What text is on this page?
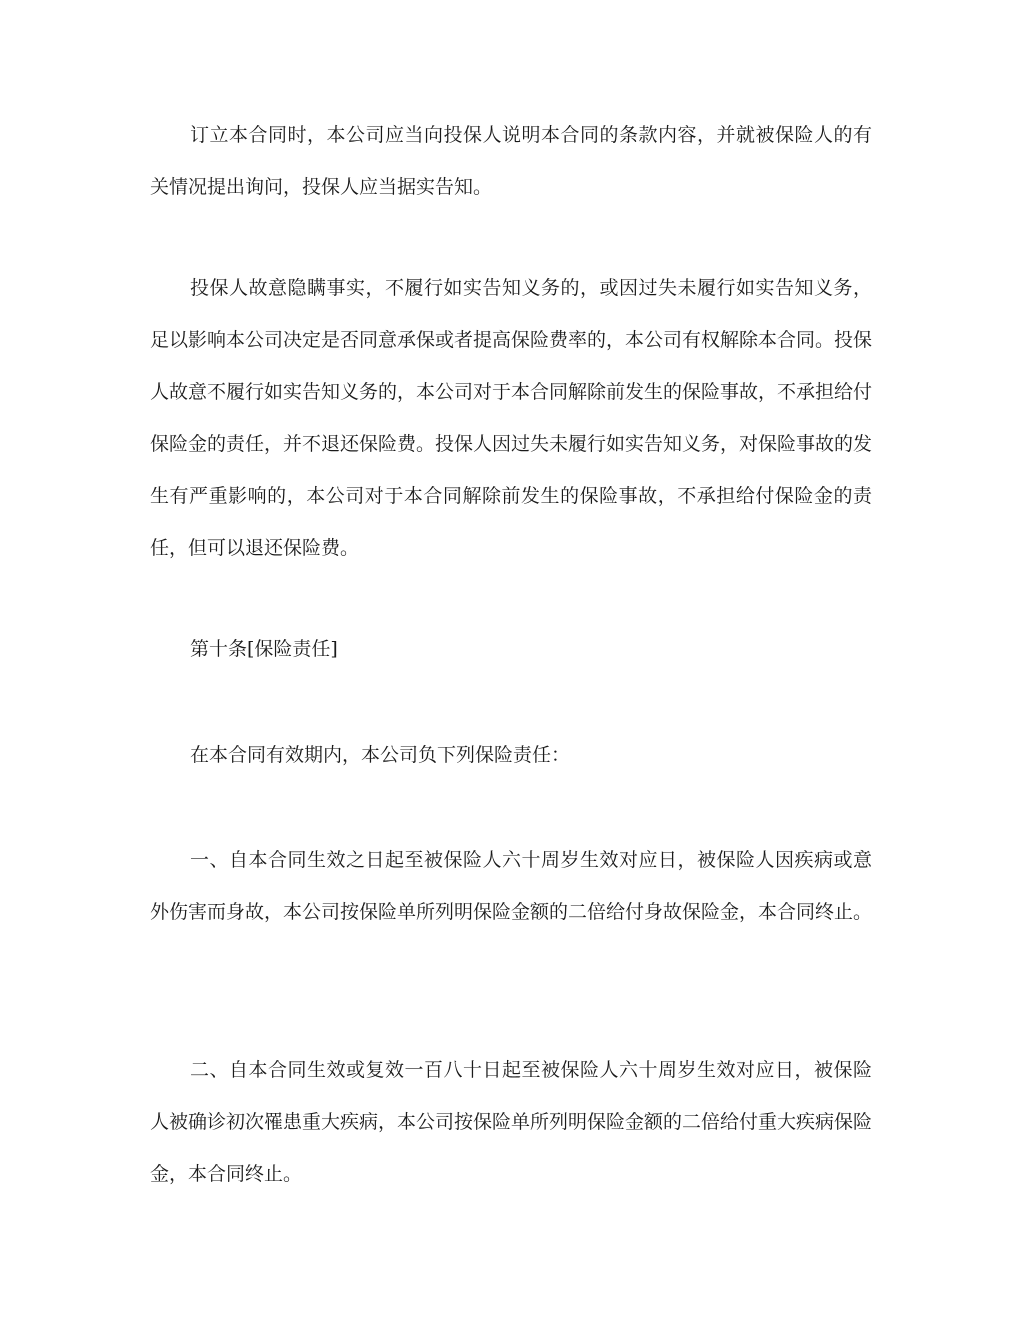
订立本合同时，本公司应当向投保人说明本合同的条款内容，并就被保险人的有关情况提出询问，投保人应当据实告知。

投保人故意隐瞒事实，不履行如实告知义务的，或因过失未履行如实告知义务，足以影响本公司决定是否同意承保或者提高保险费率的，本公司有权解除本合同。投保人故意不履行如实告知义务的，本公司对于本合同解除前发生的保险事故，不承担给付保险金的责任，并不退还保险费。投保人因过失未履行如实告知义务，对保险事故的发生有严重影响的，本公司对于本合同解除前发生的保险事故，不承担给付保险金的责任，但可以退还保险费。

第十条[保险责任]

在本合同有效期内，本公司负下列保险责任：

一、自本合同生效之日起至被保险人六十周岁生效对应日，被保险人因疾病或意外伤害而身故，本公司按保险单所列明保险金额的二倍给付身故保险金，本合同终止。

二、自本合同生效或复效一百八十日起至被保险人六十周岁生效对应日，被保险人被确诊初次罹患重大疾病，本公司按保险单所列明保险金额的二倍给付重大疾病保险金，本合同终止。
